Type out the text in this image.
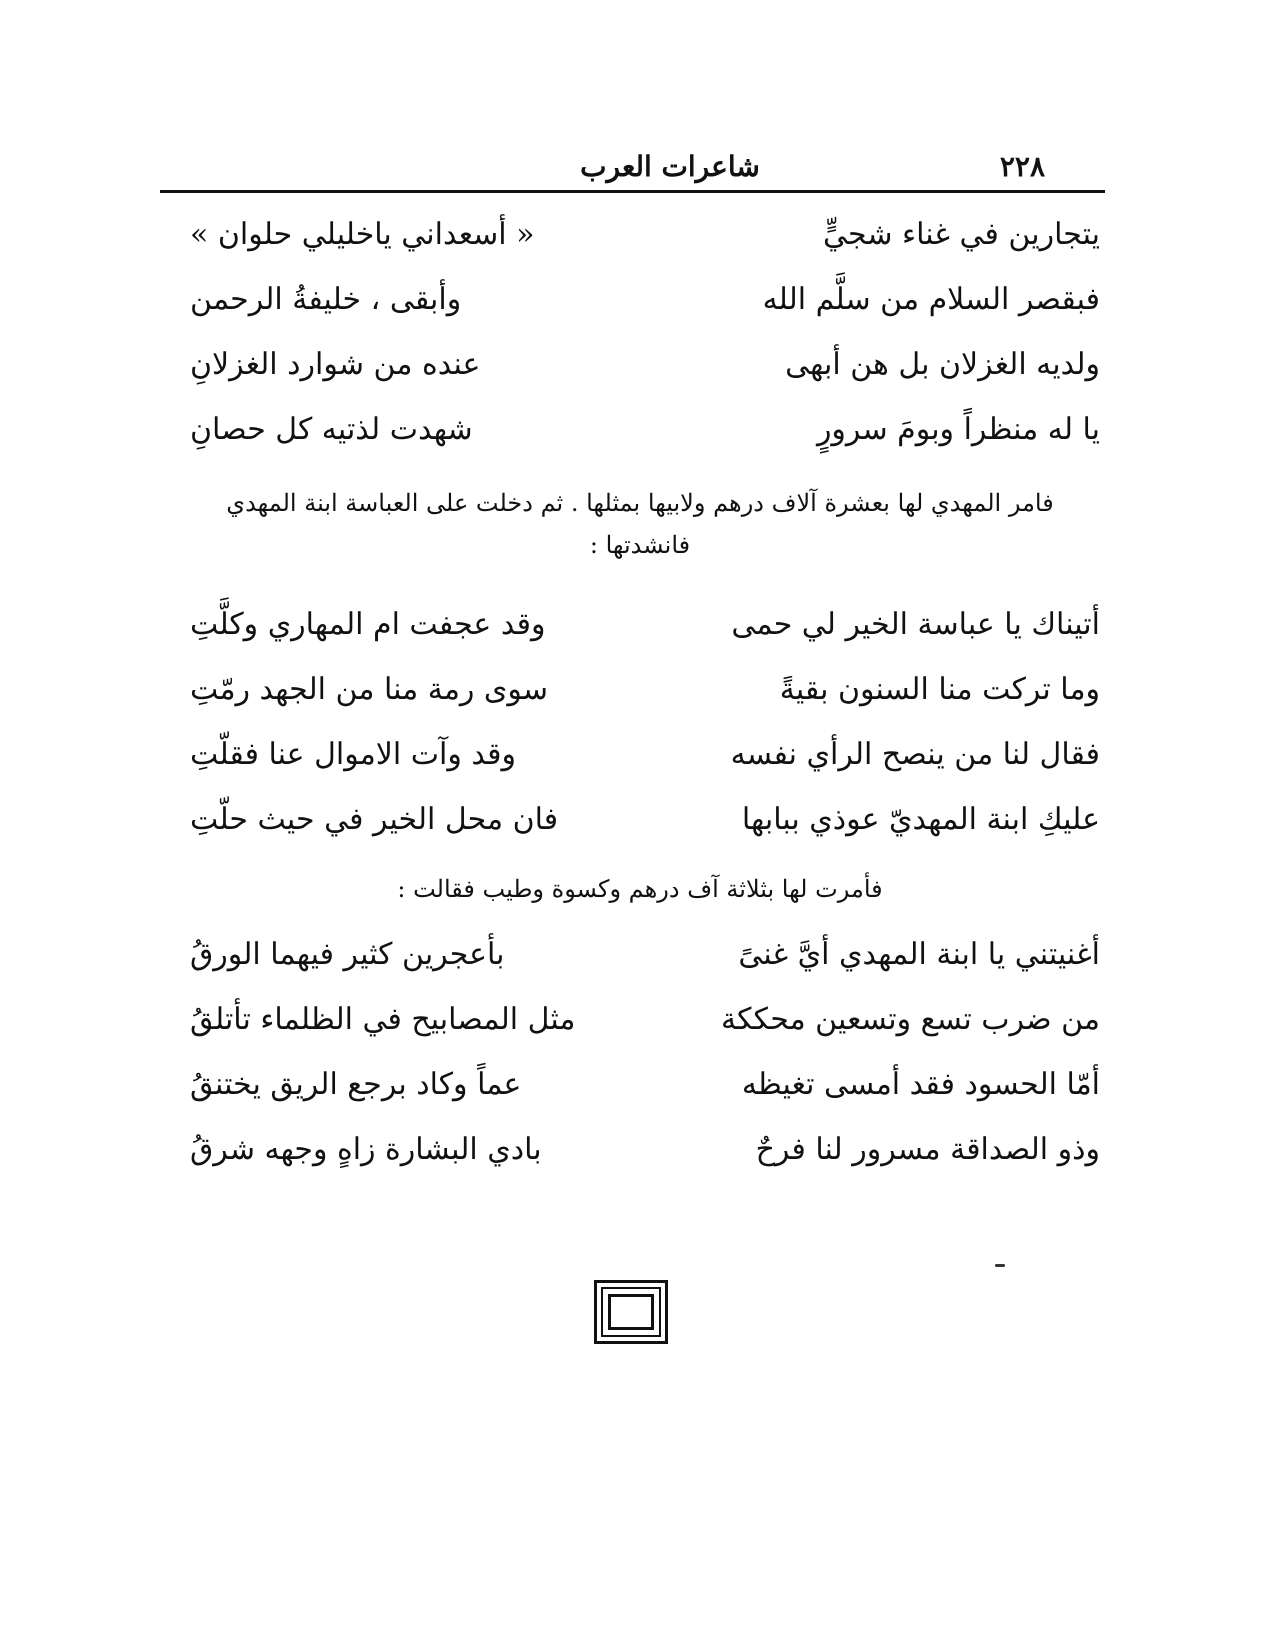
شاعرات العرب	٢٢٨
يتجارين في غناء شجيٍّ
« أسعداني ياخليلي حلوان »
فبقصر السلام من سلَّم الله
وأبقى ، خليفةُ الرحمن
ولديه الغزلان بل هن أبهى
عنده من شوارد الغزلانِ
يا له منظراً وبومَ سرورٍ
شهدت لذتيه كل حصانِ
فامر المهدي لها بعشرة آلاف درهم ولابيها بمثلها . ثم دخلت على العباسة ابنة المهدي فانشدتها :
أتيناك يا عباسة الخير لي حمى
وقد عجفت ام المهاري وكلَّتِ
وما تركت منا السنون بقيةً
سوى رمة منا من الجهد رمّتِ
فقال لنا من ينصح الرأي نفسه
وقد وآت الاموال عنا فقلّتِ
عليكِ ابنة المهديّ عوذي ببابها
فان محل الخير في حيث حلّتِ
فأمرت لها بثلاثة آف درهم وكسوة وطيب فقالت :
أغنيتني يا ابنة المهدي أيَّ غنىً
بأعجرين كثير فيهما الورقُ
من ضرب تسع وتسعين محككة
مثل المصابيح في الظلماء تأتلقُ
أمّا الحسود فقد أمسى تغيظه
عماً وكاد برجع الريق يختنقُ
وذو الصداقة مسرور لنا فرحٌ
بادي البشارة زاهٍ وجهه شرقُ
